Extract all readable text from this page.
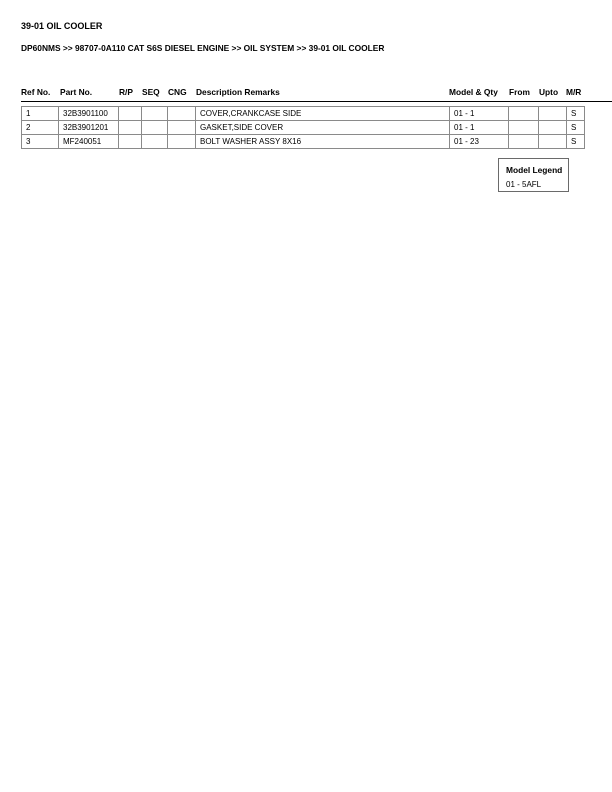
39-01 OIL COOLER
DP60NMS >> 98707-0A110 CAT S6S DIESEL ENGINE >> OIL SYSTEM >> 39-01 OIL COOLER
Ref No. Part No.	R/P SEQ CNG Description Remarks	Model & Qty From Upto M/R
1	32B3901100				COVER,CRANKCASE SIDE	01 - 1			S
2	32B3901201				GASKET,SIDE COVER	01 - 1			S
3	MF240051				BOLT WASHER ASSY 8X16	01 - 23			S
Model Legend
01 - 5AFL
